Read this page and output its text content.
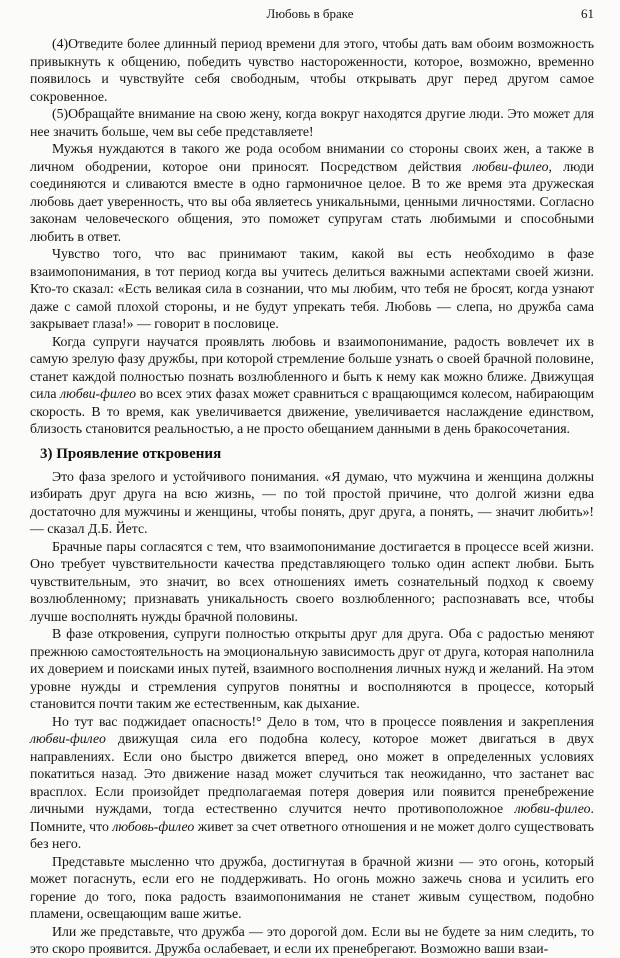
Любовь в браке	61

(4)Отведите более длинный период времени для этого, чтобы дать вам обоим возможность привыкнуть к общению, победить чувство настороженности, которое, возможно, временно появилось и чувствуйте себя свободным, чтобы открывать друг перед другом самое сокровенное.

(5)Обращайте внимание на свою жену, когда вокруг находятся другие люди. Это может для нее значить больше, чем вы себе представляете!

Мужья нуждаются в такого же рода особом внимании со стороны своих жен, а также в личном ободрении, которое они приносят. Посредством действия любви-филео, люди соединяются и сливаются вместе в одно гармоничное целое. В то же время эта дружеская любовь дает уверенность, что вы оба являетесь уникальными, ценными личностями. Согласно законам человеческого общения, это поможет супругам стать любимыми и способными любить в ответ.

Чувство того, что вас принимают таким, какой вы есть необходимо в фазе взаимопонимания, в тот период когда вы учитесь делиться важными аспектами своей жизни. Кто-то сказал: «Есть великая сила в сознании, что мы любим, что тебя не бросят, когда узнают даже с самой плохой стороны, и не будут упрекать тебя. Любовь — слепа, но дружба сама закрывает глаза!» — говорит в пословице.

Когда супруги научатся проявлять любовь и взаимопонимание, радость вовлечет их в самую зрелую фазу дружбы, при которой стремление больше узнать о своей брачной половине, станет каждой полностью познать возлюбленного и быть к нему как можно ближе. Движущая сила любви-филео во всех этих фазах может сравниться с вращающимся колесом, набирающим скорость. В то время, как увеличивается движение, увеличивается наслаждение единством, близость становится реальностью, а не просто обещанием данными в день бракосочетания.

3) Проявление откровения

Это фаза зрелого и устойчивого понимания. «Я думаю, что мужчина и женщина должны избирать друг друга на всю жизнь, — по той простой причине, что долгой жизни едва достаточно для мужчины и женщины, чтобы понять, друг друга, а понять, — значит любить»! — сказал Д.Б. Йетс.

Брачные пары согласятся с тем, что взаимопонимание достигается в процессе всей жизни. Оно требует чувствительности качества представляющего только один аспект любви. Быть чувствительным, это значит, во всех отношениях иметь сознательный подход к своему возлюбленному; признавать уникальность своего возлюбленного; распознавать все, чтобы лучше восполнять нужды брачной половины.

В фазе откровения, супруги полностью открыты друг для друга. Оба с радостью меняют прежнюю самостоятельность на эмоциональную зависимость друг от друга, которая наполнила их доверием и поисками иных путей, взаимного восполнения личных нужд и желаний. На этом уровне нужды и стремления супругов понятны и восполняются в процессе, который становится почти таким же естественным, как дыхание.

Но тут вас поджидает опасность!° Дело в том, что в процессе появления и закрепления любви-филео движущая сила его подобна колесу, которое может двигаться в двух направлениях. Если оно быстро движется вперед, оно может в определенных условиях покатиться назад. Это движение назад может случиться так неожиданно, что застанет вас врасплох. Если произойдет предполагаемая потеря доверия или появится пренебрежение личными нуждами, тогда естественно случится нечто противоположное любви-филео. Помните, что любовь-филео живет за счет ответного отношения и не может долго существовать без него.

Представьте мысленно что дружба, достигнутая в брачной жизни — это огонь, который может погаснуть, если его не поддерживать. Но огонь можно зажечь снова и усилить его горение до того, пока радость взаимопонимания не станет живым существом, подобно пламени, освещающим ваше житье.

Или же представьте, что дружба — это дорогой дом. Если вы не будете за ним следить, то это скоро проявится. Дружба ослабевает, и если их пренебрегают. Возможно ваши взаи-
